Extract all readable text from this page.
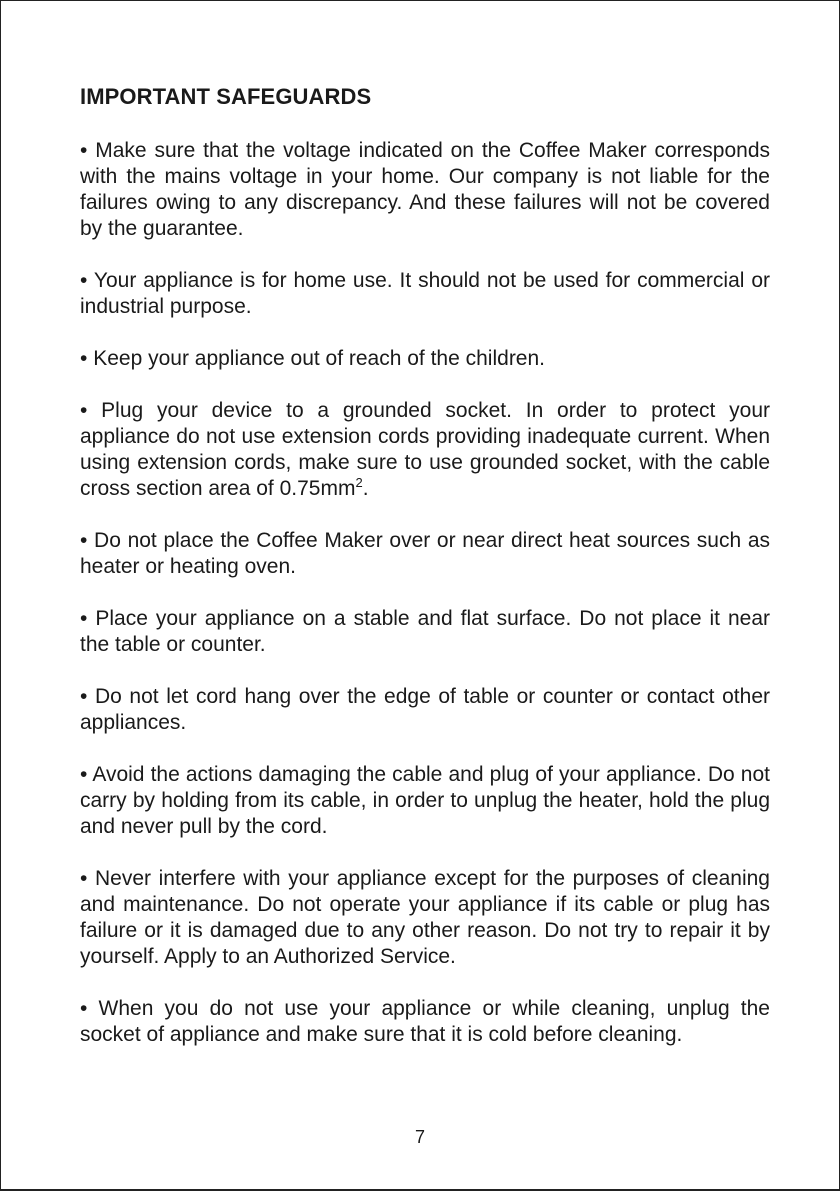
IMPORTANT SAFEGUARDS
• Make sure that the voltage indicated on the Coffee Maker corresponds with the mains voltage in your home. Our company is not liable for the failures owing to any discrepancy. And these failures will not be covered by the guarantee.
• Your appliance is for home use. It should not be used for commercial or industrial purpose.
• Keep your appliance out of reach of the children.
• Plug your device to a grounded socket. In order to protect your appliance do not use extension cords providing inadequate current. When using extension cords, make sure to use grounded socket, with the cable cross section area of $0.75mm^2$.
• Do not place the Coffee Maker over or near direct heat sources such as heater or heating oven.
• Place your appliance on a stable and flat surface. Do not place it near the table or counter.
• Do not let cord hang over the edge of table or counter or contact other appliances.
• Avoid the actions damaging the cable and plug of your appliance. Do not carry by holding from its cable, in order to unplug the heater, hold the plug and never pull by the cord.
• Never interfere with your appliance except for the purposes of cleaning and maintenance. Do not operate your appliance if its cable or plug has failure or it is damaged due to any other reason. Do not try to repair it by yourself. Apply to an Authorized Service.
• When you do not use your appliance or while cleaning, unplug the socket of appliance and make sure that it is cold before cleaning.
7
